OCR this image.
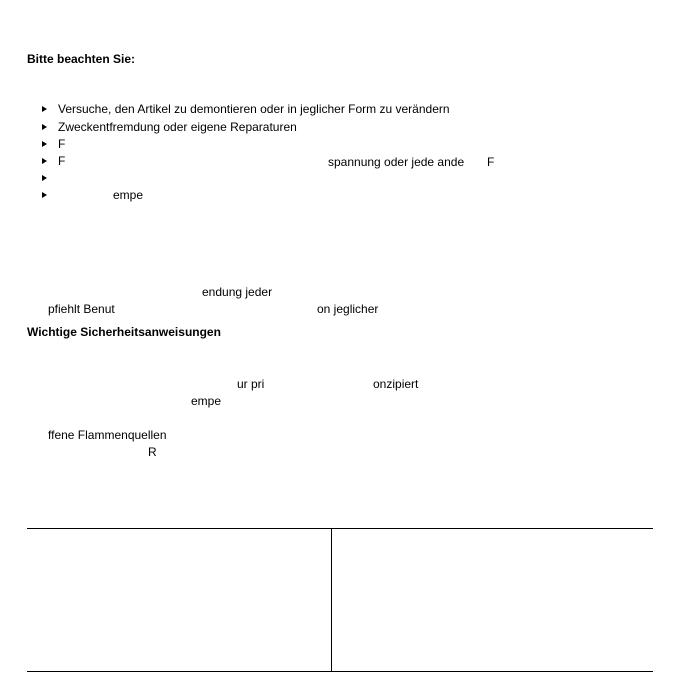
Bitte beachten Sie:
Versuche, den Artikel zu demontieren oder in jeglicher Form zu verändern
Zweckentfremdung oder eigene Reparaturen
F
F	spannung oder jede ande F
empe
endung jeder
pfiehlt Benut	on jeglicher
Wichtige Sicherheitsanweisungen
ur pri	onzipiert
empe
ffene Flammenquellen
R
